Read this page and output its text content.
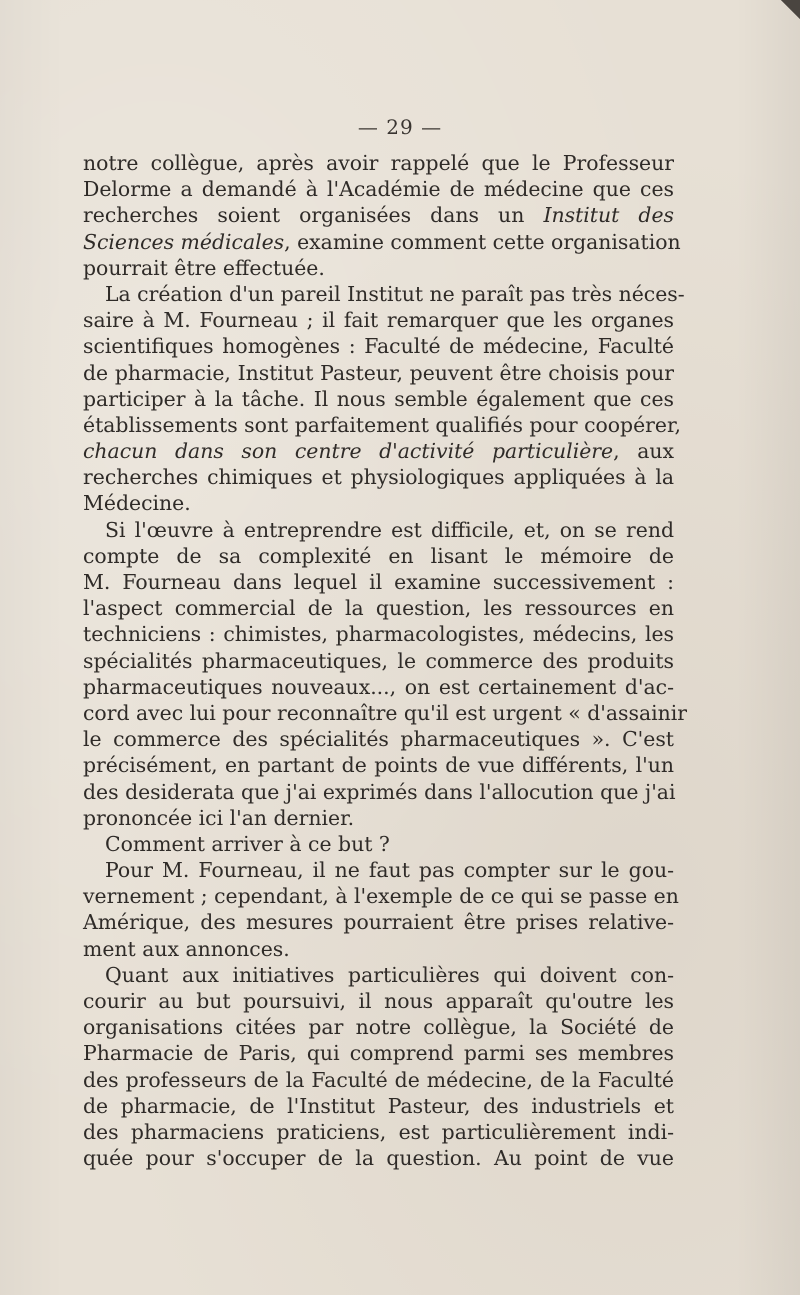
— 29 —
notre collègue, après avoir rappelé que le Professeur
Delorme a demandé à l'Académie de médecine que ces
recherches soient organisées dans un Institut des
Sciences médicales, examine comment cette organisation
pourrait être effectuée.
La création d'un pareil Institut ne paraît pas très néces-
saire à M. Fourneau ; il fait remarquer que les organes
scientifiques homogènes : Faculté de médecine, Faculté
de pharmacie, Institut Pasteur, peuvent être choisis pour
participer à la tâche. Il nous semble également que ces
établissements sont parfaitement qualifiés pour coopérer,
chacun dans son centre d'activité particulière, aux
recherches chimiques et physiologiques appliquées à la
Médecine.
Si l'œuvre à entreprendre est difficile, et, on se rend
compte de sa complexité en lisant le mémoire de
M. Fourneau dans lequel il examine successivement :
l'aspect commercial de la question, les ressources en
techniciens : chimistes, pharmacologistes, médecins, les
spécialités pharmaceutiques, le commerce des produits
pharmaceutiques nouveaux..., on est certainement d'ac-
cord avec lui pour reconnaître qu'il est urgent « d'assainir
le commerce des spécialités pharmaceutiques ». C'est
précisément, en partant de points de vue différents, l'un
des desiderata que j'ai exprimés dans l'allocution que j'ai
prononcée ici l'an dernier.
Comment arriver à ce but ?
Pour M. Fourneau, il ne faut pas compter sur le gou-
vernement ; cependant, à l'exemple de ce qui se passe en
Amérique, des mesures pourraient être prises relative-
ment aux annonces.
Quant aux initiatives particulières qui doivent con-
courir au but poursuivi, il nous apparaît qu'outre les
organisations citées par notre collègue, la Société de
Pharmacie de Paris, qui comprend parmi ses membres
des professeurs de la Faculté de médecine, de la Faculté
de pharmacie, de l'Institut Pasteur, des industriels et
des pharmaciens praticiens, est particulièrement indi-
quée pour s'occuper de la question. Au point de vue
